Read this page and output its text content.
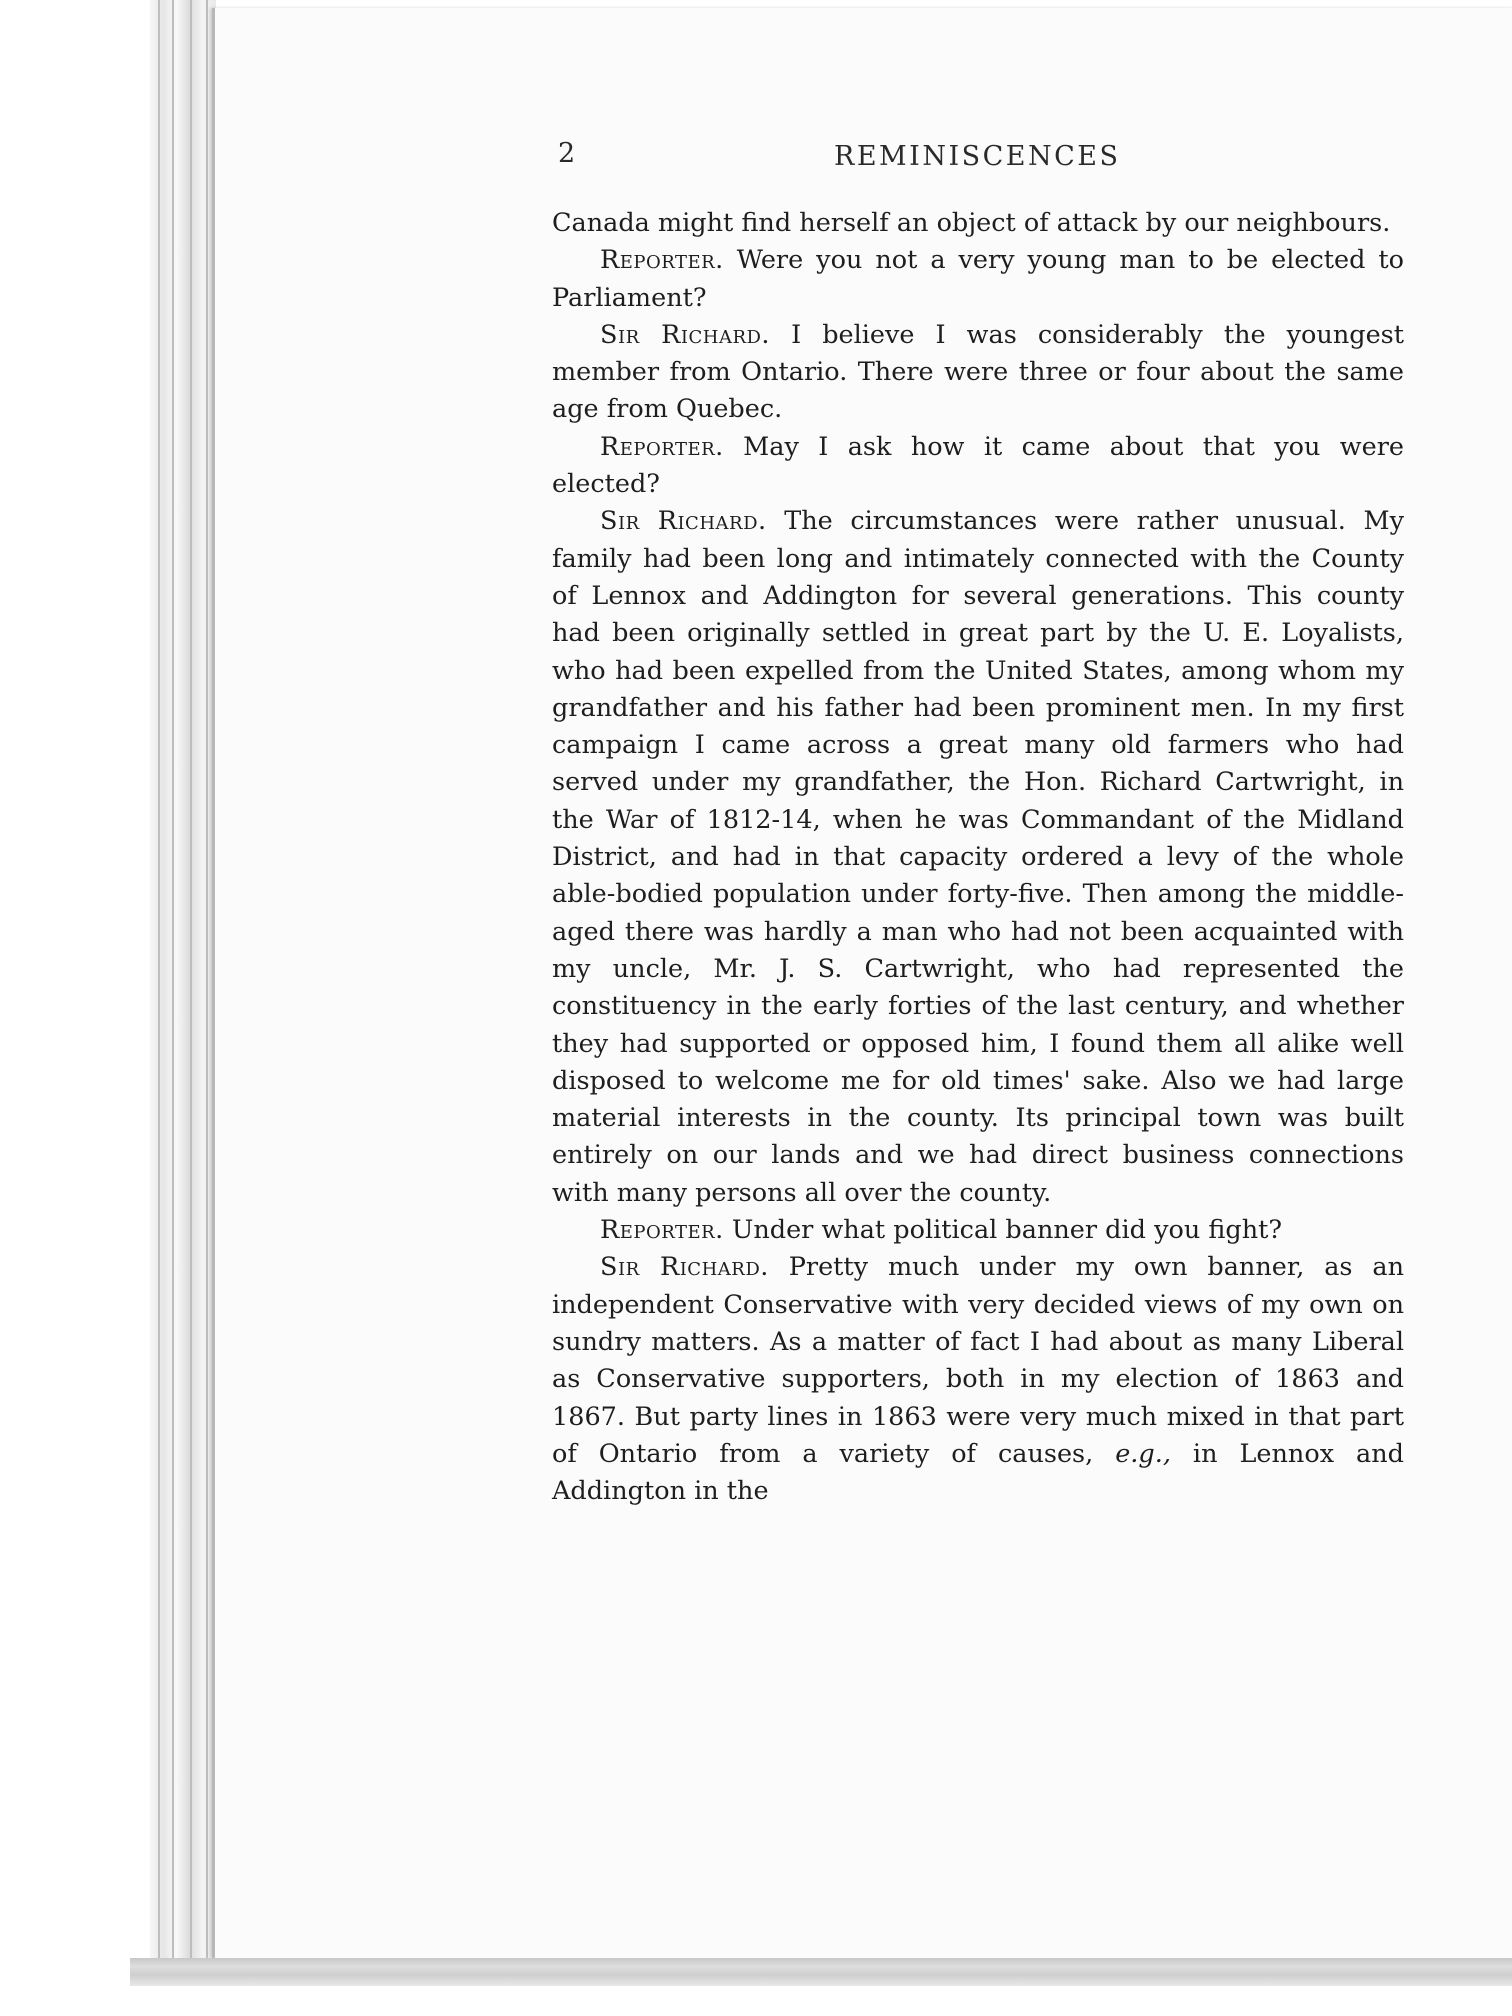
2	REMINISCENCES

Canada might find herself an object of attack by our neighbours.

Reporter. Were you not a very young man to be elected to Parliament?

Sir Richard. I believe I was considerably the youngest member from Ontario. There were three or four about the same age from Quebec.

Reporter. May I ask how it came about that you were elected?

Sir Richard. The circumstances were rather unusual. My family had been long and intimately connected with the County of Lennox and Addington for several generations. This county had been originally settled in great part by the U. E. Loyalists, who had been expelled from the United States, among whom my grandfather and his father had been prominent men. In my first campaign I came across a great many old farmers who had served under my grandfather, the Hon. Richard Cartwright, in the War of 1812-14, when he was Commandant of the Midland District, and had in that capacity ordered a levy of the whole able-bodied population under forty-five. Then among the middle-aged there was hardly a man who had not been acquainted with my uncle, Mr. J. S. Cartwright, who had represented the constituency in the early forties of the last century, and whether they had supported or opposed him, I found them all alike well disposed to welcome me for old times' sake. Also we had large material interests in the county. Its principal town was built entirely on our lands and we had direct business connections with many persons all over the county.

Reporter. Under what political banner did you fight?

Sir Richard. Pretty much under my own banner, as an independent Conservative with very decided views of my own on sundry matters. As a matter of fact I had about as many Liberal as Conservative supporters, both in my election of 1863 and 1867. But party lines in 1863 were very much mixed in that part of Ontario from a variety of causes, e.g., in Lennox and Addington in the
